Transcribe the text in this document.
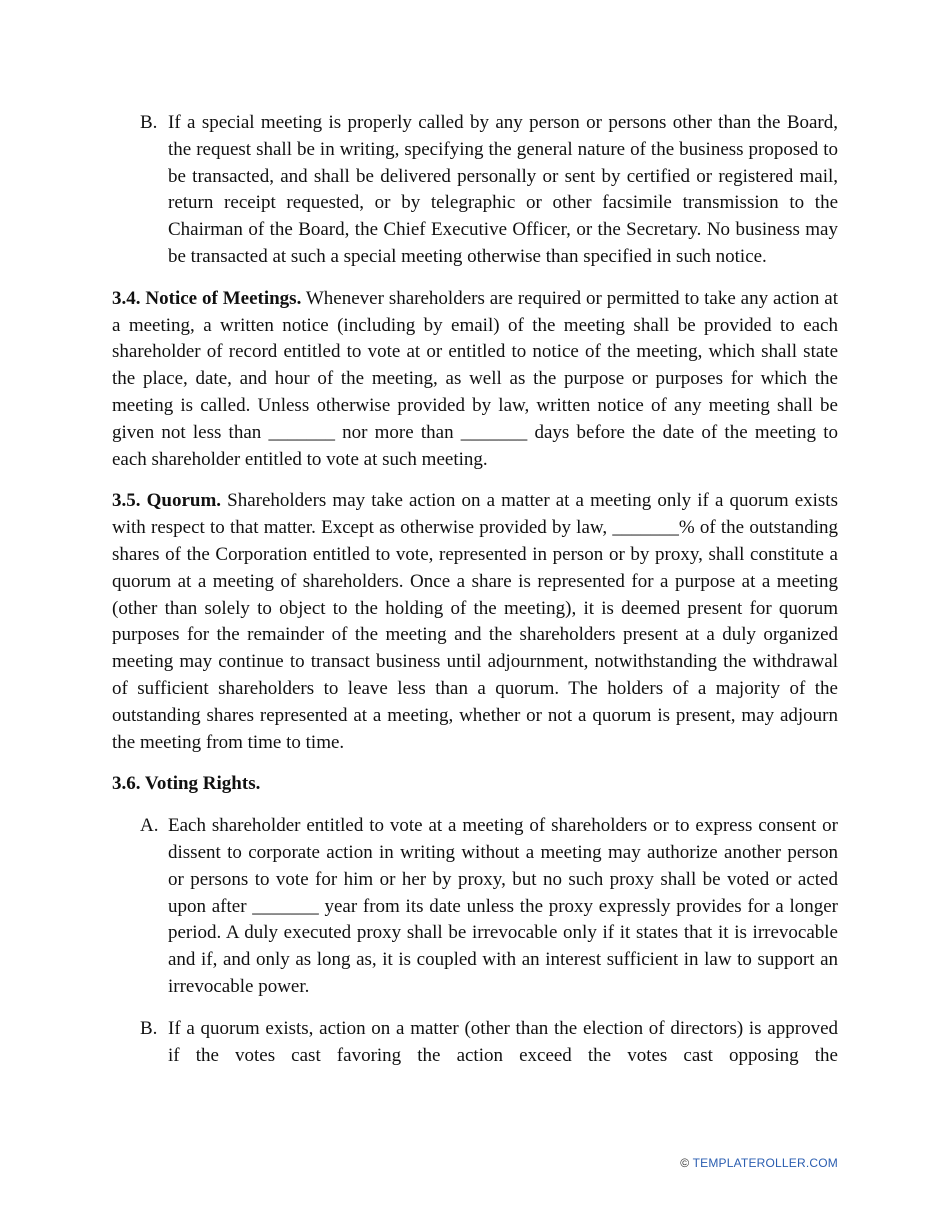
B. If a special meeting is properly called by any person or persons other than the Board, the request shall be in writing, specifying the general nature of the business proposed to be transacted, and shall be delivered personally or sent by certified or registered mail, return receipt requested, or by telegraphic or other facsimile transmission to the Chairman of the Board, the Chief Executive Officer, or the Secretary. No business may be transacted at such a special meeting otherwise than specified in such notice.

3.4. Notice of Meetings. Whenever shareholders are required or permitted to take any action at a meeting, a written notice (including by email) of the meeting shall be provided to each shareholder of record entitled to vote at or entitled to notice of the meeting, which shall state the place, date, and hour of the meeting, as well as the purpose or purposes for which the meeting is called. Unless otherwise provided by law, written notice of any meeting shall be given not less than _______ nor more than _______ days before the date of the meeting to each shareholder entitled to vote at such meeting.

3.5. Quorum. Shareholders may take action on a matter at a meeting only if a quorum exists with respect to that matter. Except as otherwise provided by law, _______% of the outstanding shares of the Corporation entitled to vote, represented in person or by proxy, shall constitute a quorum at a meeting of shareholders. Once a share is represented for a purpose at a meeting (other than solely to object to the holding of the meeting), it is deemed present for quorum purposes for the remainder of the meeting and the shareholders present at a duly organized meeting may continue to transact business until adjournment, notwithstanding the withdrawal of sufficient shareholders to leave less than a quorum. The holders of a majority of the outstanding shares represented at a meeting, whether or not a quorum is present, may adjourn the meeting from time to time.

3.6. Voting Rights.
A. Each shareholder entitled to vote at a meeting of shareholders or to express consent or dissent to corporate action in writing without a meeting may authorize another person or persons to vote for him or her by proxy, but no such proxy shall be voted or acted upon after _______ year from its date unless the proxy expressly provides for a longer period. A duly executed proxy shall be irrevocable only if it states that it is irrevocable and if, and only as long as, it is coupled with an interest sufficient in law to support an irrevocable power.

B. If a quorum exists, action on a matter (other than the election of directors) is approved if the votes cast favoring the action exceed the votes cast opposing the

© TEMPLATEROLLER.COM
